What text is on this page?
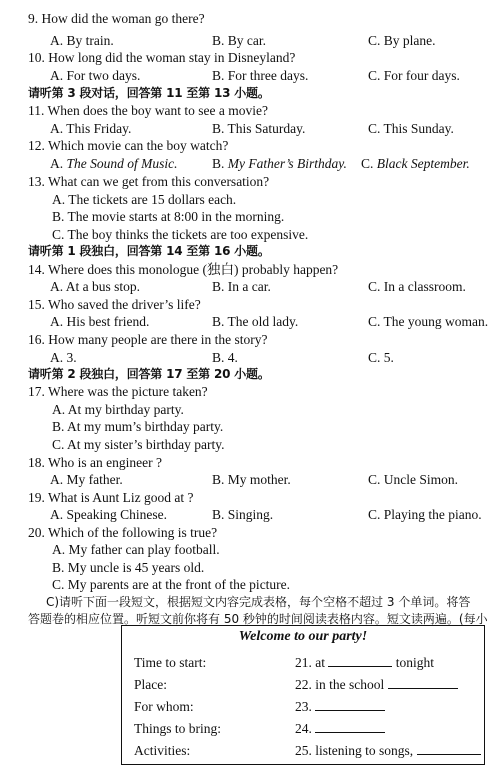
9. How did the woman go there?
A. By train.	B. By car.	C. By plane.
10. How long did the woman stay in Disneyland?
A. For two days.	B. For three days.	C. For four days.
请听第 3 段对话，回答第 11 至第 13 小题。
11. When does the boy want to see a movie?
A. This Friday.	B. This Saturday.	C. This Sunday.
12. Which movie can the boy watch?
A. The Sound of Music.	B. My Father’s Birthday. C. Black September.
13. What can we get from this conversation?
A. The tickets are 15 dollars each.
B. The movie starts at 8:00 in the morning.
C. The boy thinks the tickets are too expensive.
请听第 1 段独白，回答第 14 至第 16 小题。
14. Where does this monologue (独白) probably happen?
A. At a bus stop.	B. In a car.	C. In a classroom.
15. Who saved the driver’s life?
A. His best friend.	B. The old lady.	C. The young woman.
16. How many people are there in the story?
A. 3.	B. 4.	C. 5.
请听第 2 段独白，回答第 17 至第 20 小题。
17. Where was the picture taken?
A. At my birthday party.
B. At my mum’s birthday party.
C. At my sister’s birthday party.
18. Who is an engineer ?
A. My father.	B. My mother.	C. Uncle Simon.
19. What is Aunt Liz good at ?
A. Speaking Chinese.	B. Singing.	C. Playing the piano.
20. Which of the following is true?
A. My father can play football.
B. My uncle is 45 years old.
C. My parents are at the front of the picture.
C)请听下面一段短文，根据短文内容完成表格，每个空格不超过 3 个单词。将答
答题卷的相应位置。听短文前你将有 50 秒钟的时间阅读表格内容。短文读两遍。(每小
Welcome to our party!
Time to start:	21. at	tonight
Place:	22. in the school
For whom:	23.
Things to bring:	24.
Activities:	25. listening to songs,
